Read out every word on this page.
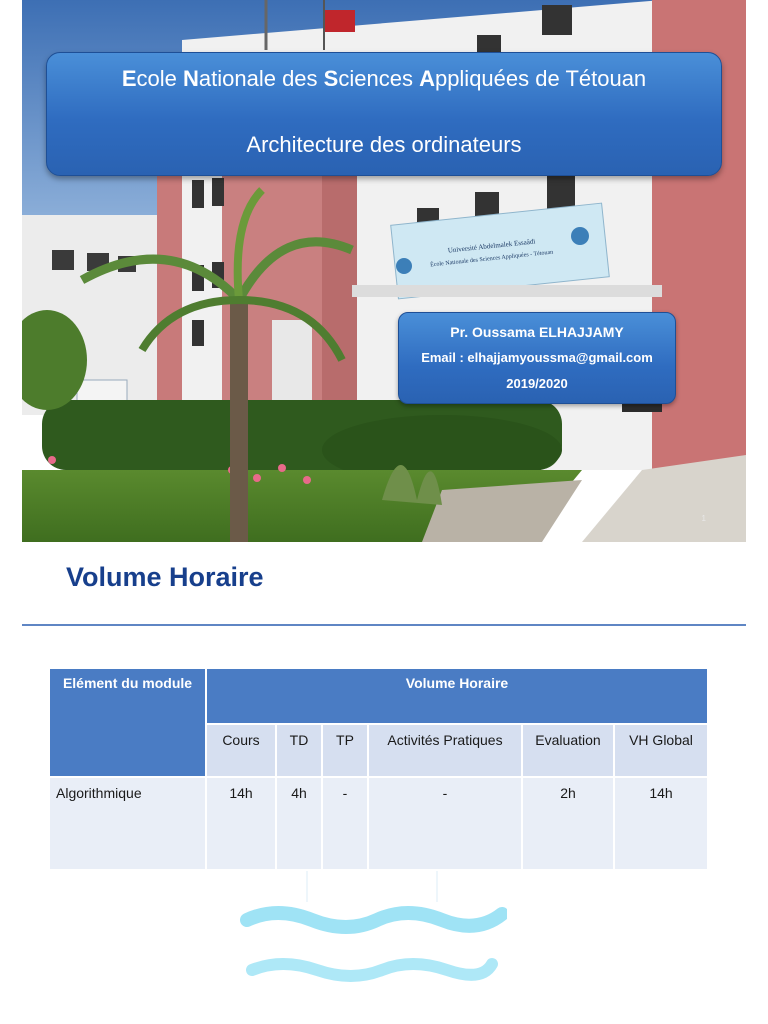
Université Abdelmalek Essaâdi
École Nationale des Sciences Appliquées - Tétouan
Ecole Nationale des Sciences Appliquées de Tétouan
Architecture des ordinateurs
Pr. Oussama ELHAJJAMY
Email : elhajjamyoussma@gmail.com
2019/2020
1
Volume Horaire
Elément du module	Volume Horaire					
	Cours	TD	TP	Activités Pratiques	Evaluation	VH Global
Algorithmique	14h	4h	-	-	2h	14h
